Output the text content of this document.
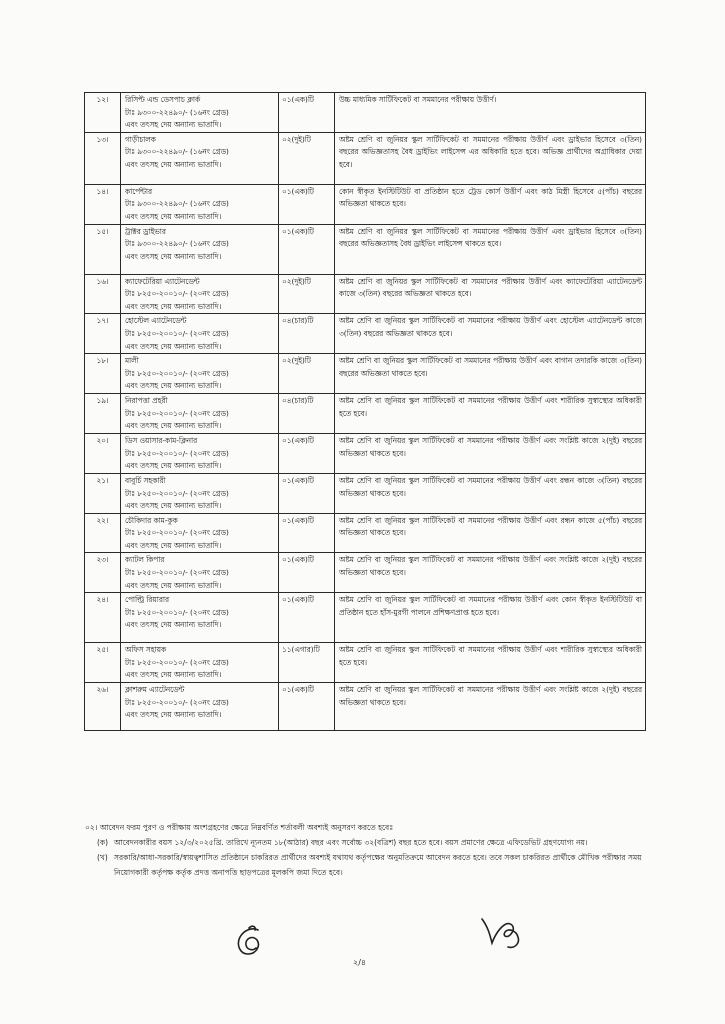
১২।	রিসিপ্ট এন্ড ডেসপাচ ক্লার্ক
টাঃ ৯৩০০-২২৪৯০/- (১৬নং গ্রেড)
এবং তৎসহ দেয় অন্যান্য ভাতাদি।	০১(এক)টি	উচ্চ মাধ্যমিক সার্টিফিকেট বা সমমানের পরীক্ষায় উত্তীর্ণ।
১৩।	গাড়ীচালক
টাঃ ৯৩০০-২২৪৯০/- (১৬নং গ্রেড)
এবং তৎসহ দেয় অন্যান্য ভাতাদি।	০২(দুই)টি	অষ্টম শ্রেণি বা জুনিয়র স্কুল সার্টিফিকেট বা সমমানের পরীক্ষায় উত্তীর্ণ এবং ড্রাইভার হিসেবে ৩(তিন) বছরের অভিজ্ঞতাসহ বৈধ ড্রাইভিং লাইসেন্স এর অধিকারি হতে হবে। অভিজ্ঞ প্রার্থীদের অগ্রাধিকার দেয়া হবে।
১৪।	কার্পেন্টার
টাঃ ৯৩০০-২২৪৯০/- (১৬নং গ্রেড)
এবং তৎসহ দেয় অন্যান্য ভাতাদি।	০১(এক)টি	কোন স্বীকৃত ইনস্টিটিউট বা প্রতিষ্ঠান হতে ট্রেড কোর্স উত্তীর্ণ এবং কাঠ মিস্ত্রী হিসেবে ৫(পাঁচ) বছরের অভিজ্ঞতা থাকতে হবে।
১৫।	ট্রাক্টর ড্রাইভার
টাঃ ৯৩০০-২২৪৯০/- (১৬নং গ্রেড)
এবং তৎসহ দেয় অন্যান্য ভাতাদি।	০১(এক)টি	অষ্টম শ্রেণি বা জুনিয়র স্কুল সার্টিফিকেট বা সমমানের পরীক্ষায় উত্তীর্ণ এবং ড্রাইভার হিসেবে ৩(তিন) বছরের অভিজ্ঞতাসহ বৈধ ড্রাইভিং লাইসেন্স থাকতে হবে।
১৬।	ক্যাফেটেরিয়া এ্যাটেনডেন্ট
টাঃ ৮২৫০-২০০১০/- (২০নং গ্রেড)
এবং তৎসহ দেয় অন্যান্য ভাতাদি।	০২(দুই)টি	অষ্টম শ্রেণি বা জুনিয়র স্কুল সার্টিফিকেট বা সমমানের পরীক্ষায় উত্তীর্ণ এবং ক্যাফেটেরিয়া এ্যাটেনডেন্ট কাজে ৩(তিন) বছরের অভিজ্ঞতা থাকতে হবে।
১৭।	হোস্টেল এ্যাটেনডেন্ট
টাঃ ৮২৫০-২০০১০/- (২০নং গ্রেড)
এবং তৎসহ দেয় অন্যান্য ভাতাদি।	০৪(চার)টি	অষ্টম শ্রেণি বা জুনিয়র স্কুল সার্টিফিকেট বা সমমানের পরীক্ষায় উত্তীর্ণ এবং হোস্টেল এ্যাটেনডেন্ট কাজে ৩(তিন) বছরের অভিজ্ঞতা থাকতে হবে।
১৮।	মালী
টাঃ ৮২৫০-২০০১০/- (২০নং গ্রেড)
এবং তৎসহ দেয় অন্যান্য ভাতাদি।	০২(দুই)টি	অষ্টম শ্রেণি বা জুনিয়র স্কুল সার্টিফিকেট বা সমমানের পরীক্ষায় উত্তীর্ণ এবং বাগান তদারকি কাজে ৩(তিন) বছরের অভিজ্ঞতা থাকতে হবে।
১৯।	নিরাপত্তা প্রহরী
টাঃ ৮২৫০-২০০১০/- (২০নং গ্রেড)
এবং তৎসহ দেয় অন্যান্য ভাতাদি।	০৪(চার)টি	অষ্টম শ্রেণি বা জুনিয়র স্কুল সার্টিফিকেট বা সমমানের পরীক্ষায় উত্তীর্ণ এবং শারীরিক সুস্বাস্থ্যের অধিকারী হতে হবে।
২০।	ডিস ওয়াসার-কাম-ক্লিনার
টাঃ ৮২৫০-২০০১০/- (২০নং গ্রেড)
এবং তৎসহ দেয় অন্যান্য ভাতাদি।	০১(এক)টি	অষ্টম শ্রেণি বা জুনিয়র স্কুল সার্টিফিকেট বা সমমানের পরীক্ষায় উত্তীর্ণ এবং সংশ্লিষ্ট কাজে ২(দুই) বছরের অভিজ্ঞতা থাকতে হবে।
২১।	বাবুর্চি সহকারী
টাঃ ৮২৫০-২০০১০/- (২০নং গ্রেড)
এবং তৎসহ দেয় অন্যান্য ভাতাদি।	০১(এক)টি	অষ্টম শ্রেণি বা জুনিয়র স্কুল সার্টিফিকেট বা সমমানের পরীক্ষায় উত্তীর্ণ এবং রন্ধন কাজে ৩(তিন) বছরের অভিজ্ঞতা থাকতে হবে।
২২।	চৌকিদার কাম-কুক
টাঃ ৮২৫০-২০০১০/- (২০নং গ্রেড)
এবং তৎসহ দেয় অন্যান্য ভাতাদি।	০১(এক)টি	অষ্টম শ্রেণি বা জুনিয়র স্কুল সার্টিফিকেট বা সমমানের পরীক্ষায় উত্তীর্ণ এবং রন্ধন কাজে ৫(পাঁচ) বছরের অভিজ্ঞতা থাকতে হবে।
২৩।	ক্যাটল কিপার
টাঃ ৮২৫০-২০০১০/- (২০নং গ্রেড)
এবং তৎসহ দেয় অন্যান্য ভাতাদি।	০১(এক)টি	অষ্টম শ্রেণি বা জুনিয়র স্কুল সার্টিফিকেট বা সমমানের পরীক্ষায় উত্তীর্ণ এবং সংশ্লিষ্ট কাজে ২(দুই) বছরের অভিজ্ঞতা থাকতে হবে।
২৪।	পোল্ট্রি রিয়ারার
টাঃ ৮২৫০-২০০১০/- (২০নং গ্রেড)
এবং তৎসহ দেয় অন্যান্য ভাতাদি।	০১(এক)টি	অষ্টম শ্রেণি বা জুনিয়র স্কুল সার্টিফিকেট বা সমমানের পরীক্ষায় উত্তীর্ণ এবং কোন স্বীকৃত ইনস্টিটিউট বা প্রতিষ্ঠান হতে হাঁস-মুরগী পালনে প্রশিক্ষণপ্রাপ্ত হতে হবে।
২৫।	অফিস সহায়ক
টাঃ ৮২৫০-২০০১০/- (২০নং গ্রেড)
এবং তৎসহ দেয় অন্যান্য ভাতাদি।	১১(এগার)টি	অষ্টম শ্রেণি বা জুনিয়র স্কুল সার্টিফিকেট বা সমমানের পরীক্ষায় উত্তীর্ণ এবং শারীরিক সুস্বাস্থ্যের অধিকারী হতে হবে।
২৬।	ক্লাশরুম এ্যাটেনডেন্ট
টাঃ ৮২৫০-২০০১০/- (২০নং গ্রেড)
এবং তৎসহ দেয় অন্যান্য ভাতাদি।	০১(এক)টি	অষ্টম শ্রেণি বা জুনিয়র স্কুল সার্টিফিকেট বা সমমানের পরীক্ষায় উত্তীর্ণ এবং সংশ্লিষ্ট কাজে ২(দুই) বছরের অভিজ্ঞতা থাকতে হবে।
০২। আবেদন ফরম পুরণ ও পরীক্ষায় অংশগ্রহণের ক্ষেত্রে নিম্নবর্ণিত শর্তাবলী অবশ্যই অনুসরণ করতে হবেঃ
(ক) আবেদনকারীর বয়স ১২/৩/২০২৫খ্রি. তারিখে ন্যূনতম ১৮(আঠার) বছর এবং সর্বোচ্চ ৩২(বত্রিশ) বছর হতে হবে। বয়স প্রমাণের ক্ষেত্রে এফিডেভিট গ্রহণযোগ্য নয়।
(খ) সরকারি/আধা-সরকারি/স্বায়ত্বশাসিত প্রতিষ্ঠানে চাকরিরত প্রার্থীদের অবশ্যই যথাযথ কর্তৃপক্ষের অনুমতিক্রমে আবেদন করতে হবে। তবে সকল চাকরিরত প্রার্থীকে মৌখিক পরীক্ষার সময় নিয়োগকারী কর্তৃপক্ষ কর্তৃক প্রদত্ত অনাপত্তি ছাড়পত্রের মূলকপি জমা দিতে হবে।
২/৪
